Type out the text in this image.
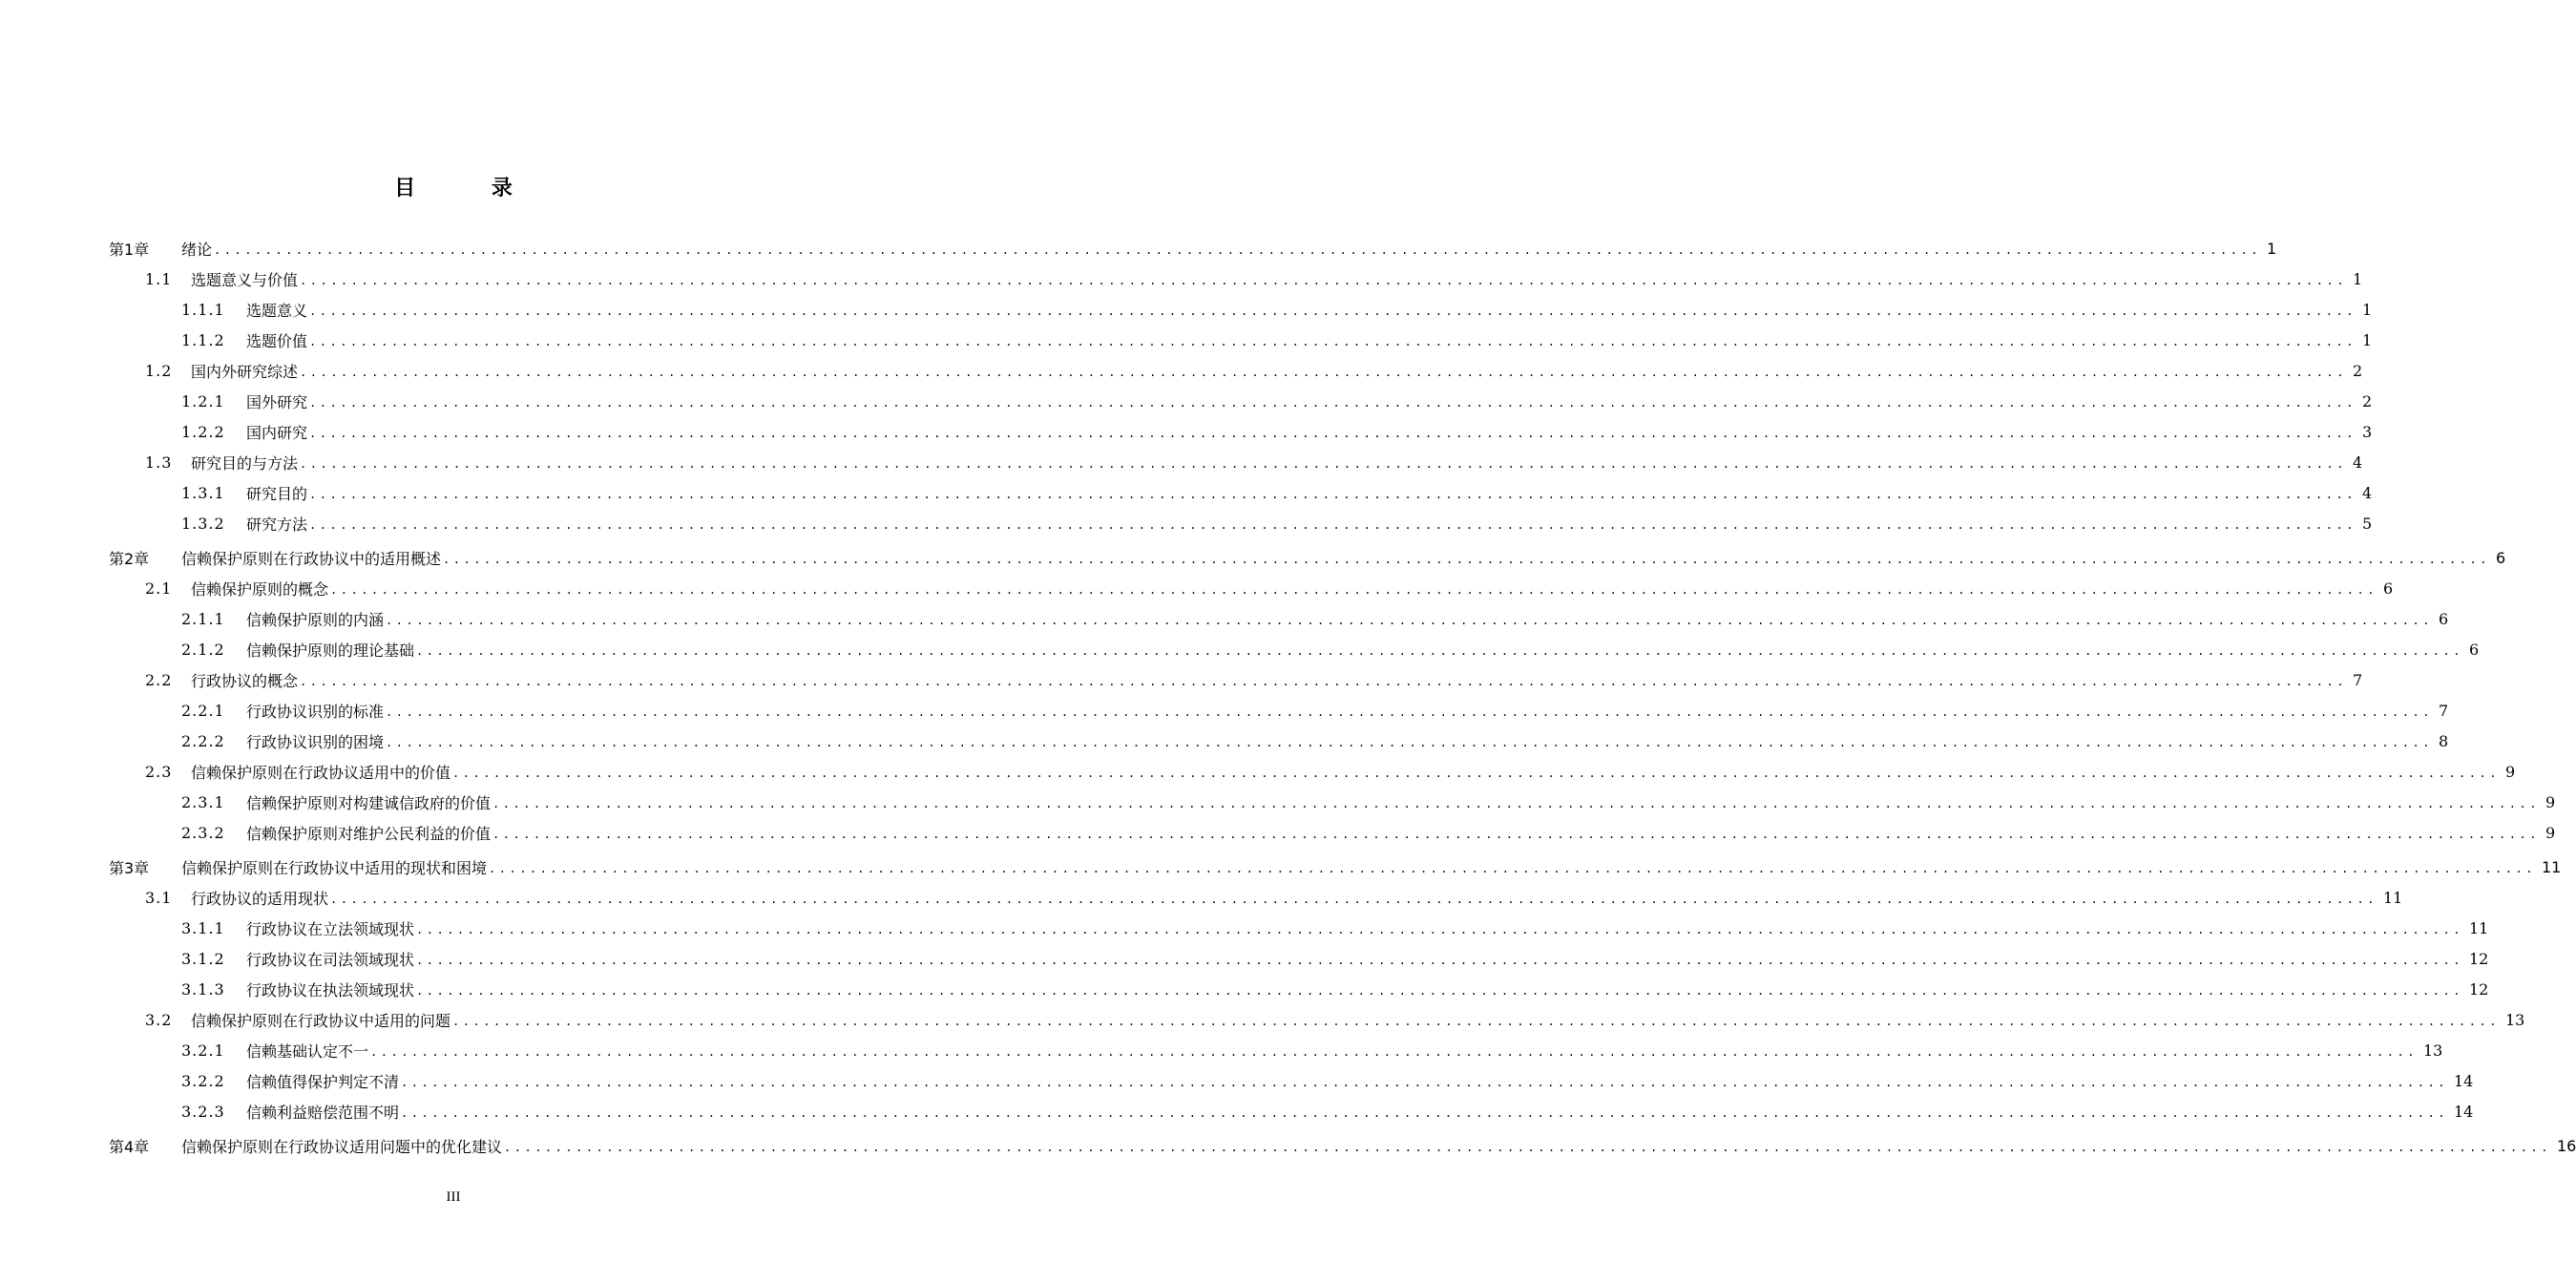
目 录
第1章	绪论 ........................................................................................................................................................................................................ 1
1.1	选题意义与价值 ........................................................................................................................................................................................................ 1
1.1.1	选题意义 ........................................................................................................................................................................................................ 1
1.1.2	选题价值 ........................................................................................................................................................................................................ 1
1.2	国内外研究综述 ........................................................................................................................................................................................................ 2
1.2.1	国外研究 ........................................................................................................................................................................................................ 2
1.2.2	国内研究 ........................................................................................................................................................................................................ 3
1.3	研究目的与方法 ........................................................................................................................................................................................................ 4
1.3.1	研究目的 ........................................................................................................................................................................................................ 4
1.3.2	研究方法 ........................................................................................................................................................................................................ 5
第2章	信赖保护原则在行政协议中的适用概述 ........................................................................................................................................................................................................ 6
2.1	信赖保护原则的概念 ........................................................................................................................................................................................................ 6
2.1.1	信赖保护原则的内涵 ........................................................................................................................................................................................................ 6
2.1.2	信赖保护原则的理论基础 ........................................................................................................................................................................................................ 6
2.2	行政协议的概念 ........................................................................................................................................................................................................ 7
2.2.1	行政协议识别的标准 ........................................................................................................................................................................................................ 7
2.2.2	行政协议识别的困境 ........................................................................................................................................................................................................ 8
2.3	信赖保护原则在行政协议适用中的价值 ........................................................................................................................................................................................................ 9
2.3.1	信赖保护原则对构建诚信政府的价值 ........................................................................................................................................................................................................ 9
2.3.2	信赖保护原则对维护公民利益的价值 ........................................................................................................................................................................................................ 9
第3章	信赖保护原则在行政协议中适用的现状和困境 ........................................................................................................................................................................................................ 11
3.1	行政协议的适用现状 ........................................................................................................................................................................................................ 11
3.1.1	行政协议在立法领域现状 ........................................................................................................................................................................................................ 11
3.1.2	行政协议在司法领域现状 ........................................................................................................................................................................................................ 12
3.1.3	行政协议在执法领域现状 ........................................................................................................................................................................................................ 12
3.2	信赖保护原则在行政协议中适用的问题 ........................................................................................................................................................................................................ 13
3.2.1	信赖基础认定不一 ........................................................................................................................................................................................................ 13
3.2.2	信赖值得保护判定不清 ........................................................................................................................................................................................................ 14
3.2.3	信赖利益赔偿范围不明 ........................................................................................................................................................................................................ 14
第4章	信赖保护原则在行政协议适用问题中的优化建议 ........................................................................................................................................................................................................ 16
III
